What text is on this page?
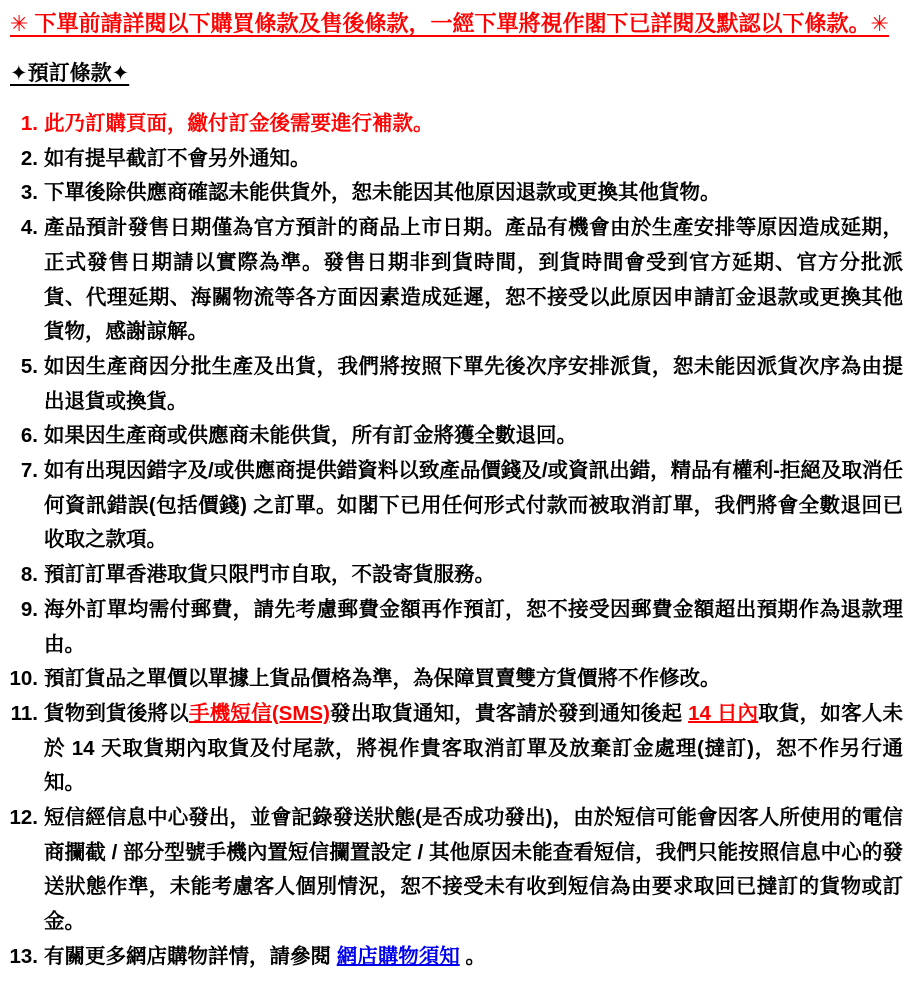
✳ 下單前請詳閱以下購買條款及售後條款，一經下單將視作閣下已詳閱及默認以下條款。✳
✦預訂條款✦
1. 此乃訂購頁面，繳付訂金後需要進行補款。
2. 如有提早截訂不會另外通知。
3. 下單後除供應商確認未能供貨外，恕未能因其他原因退款或更換其他貨物。
4. 產品預計發售日期僅為官方預計的商品上市日期。產品有機會由於生產安排等原因造成延期，正式發售日期請以實際為準。發售日期非到貨時間，到貨時間會受到官方延期、官方分批派貨、代理延期、海關物流等各方面因素造成延遲，恕不接受以此原因申請訂金退款或更換其他貨物，感謝諒解。
5. 如因生產商因分批生產及出貨，我們將按照下單先後次序安排派貨，恕未能因派貨次序為由提出退貨或換貨。
6. 如果因生產商或供應商未能供貨，所有訂金將獲全數退回。
7. 如有出現因錯字及/或供應商提供錯資料以致產品價錢及/或資訊出錯，精品有權利-拒絕及取消任何資訊錯誤(包括價錢) 之訂單。如閣下已用任何形式付款而被取消訂單，我們將會全數退回已收取之款項。
8. 預訂訂單香港取貨只限門市自取，不設寄貨服務。
9. 海外訂單均需付郵費，請先考慮郵費金額再作預訂，恕不接受因郵費金額超出預期作為退款理由。
10. 預訂貨品之單價以單據上貨品價格為準，為保障買賣雙方貨價將不作修改。
11. 貨物到貨後將以手機短信(SMS)發出取貨通知，貴客請於發到通知後起 14 日內取貨，如客人未於 14 天取貨期內取貨及付尾款，將視作貴客取消訂單及放棄訂金處理(撻訂)，恕不作另行通知。
12. 短信經信息中心發出，並會記錄發送狀態(是否成功發出)，由於短信可能會因客人所使用的電信商攔截 / 部分型號手機內置短信攔置設定 / 其他原因未能查看短信，我們只能按照信息中心的發送狀態作準，未能考慮客人個別情況，恕不接受未有收到短信為由要求取回已撻訂的貨物或訂金。
13. 有關更多網店購物詳情，請參閱 網店購物須知 。
